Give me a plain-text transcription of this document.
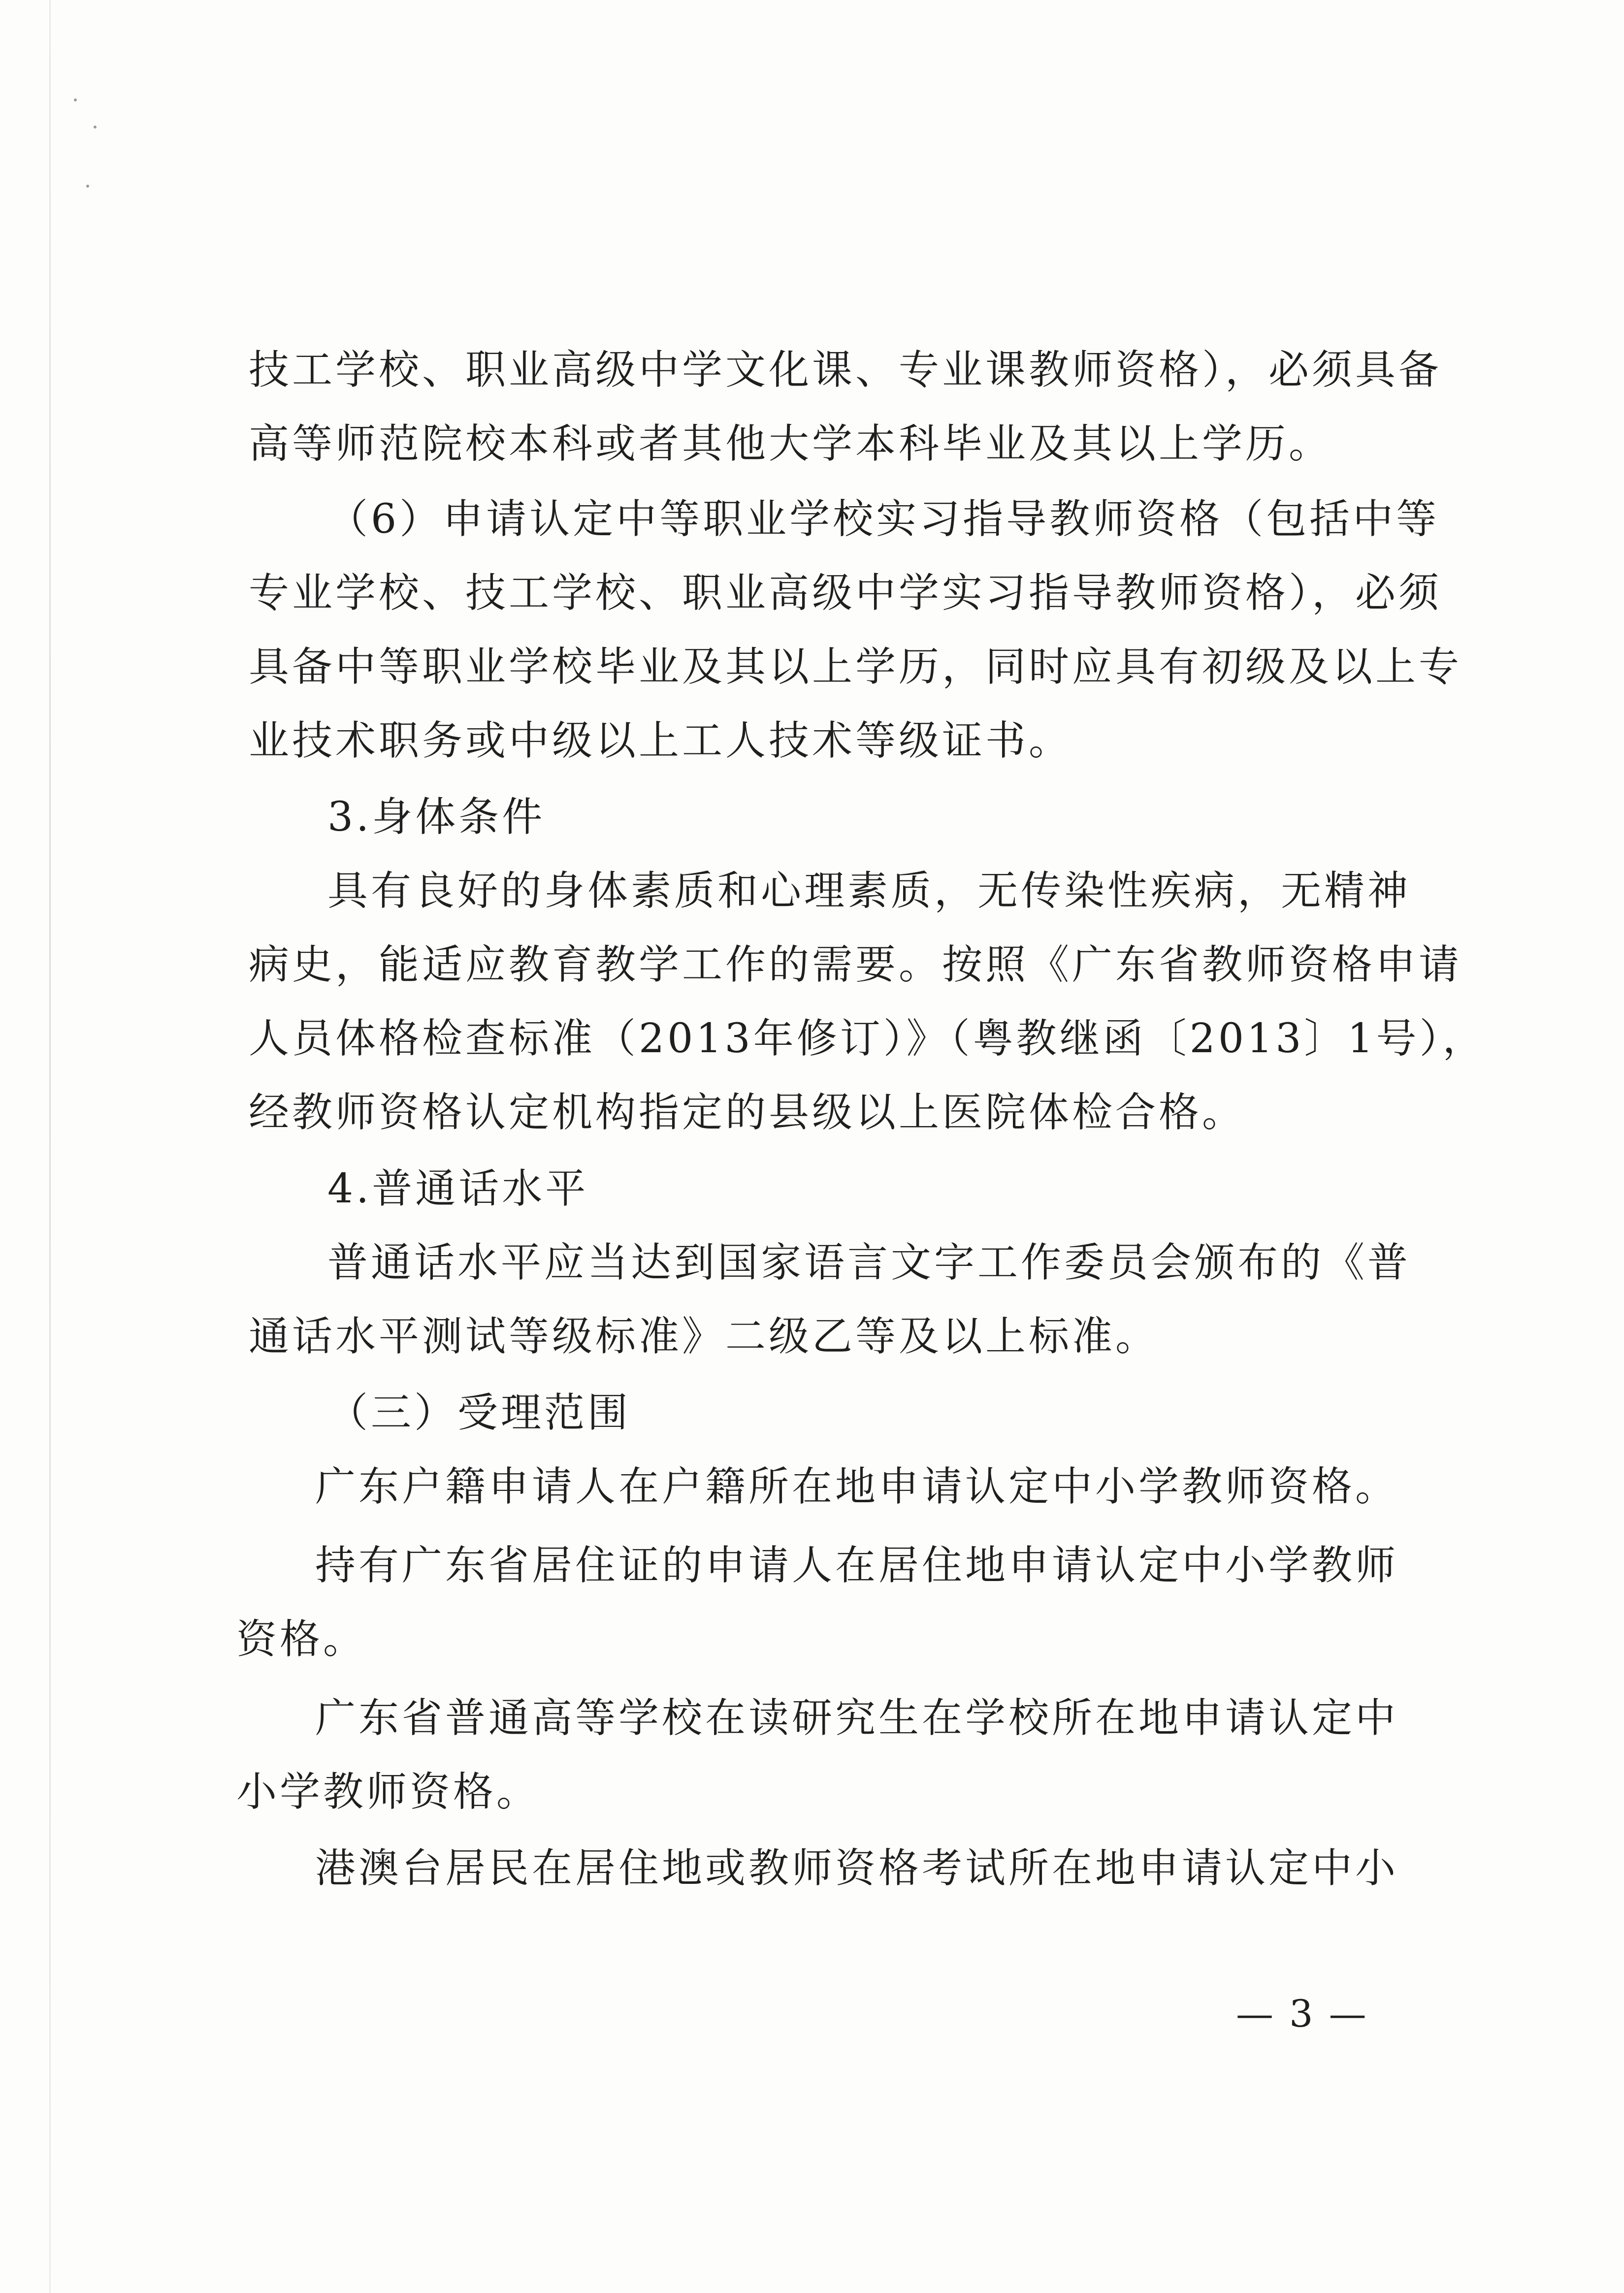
技工学校、职业高级中学文化课、专业课教师资格），必须具备
高等师范院校本科或者其他大学本科毕业及其以上学历。
（6）申请认定中等职业学校实习指导教师资格（包括中等
专业学校、技工学校、职业高级中学实习指导教师资格），必须
具备中等职业学校毕业及其以上学历，同时应具有初级及以上专
业技术职务或中级以上工人技术等级证书。
3.身体条件
具有良好的身体素质和心理素质，无传染性疾病，无精神
病史，能适应教育教学工作的需要。按照《广东省教师资格申请
人员体格检查标准（2013年修订）》（粤教继函〔2013〕1号），
经教师资格认定机构指定的县级以上医院体检合格。
4.普通话水平
普通话水平应当达到国家语言文字工作委员会颁布的《普
通话水平测试等级标准》二级乙等及以上标准。
（三）受理范围
广东户籍申请人在户籍所在地申请认定中小学教师资格。
持有广东省居住证的申请人在居住地申请认定中小学教师
资格。
广东省普通高等学校在读研究生在学校所在地申请认定中
小学教师资格。
港澳台居民在居住地或教师资格考试所在地申请认定中小
— 3 —
